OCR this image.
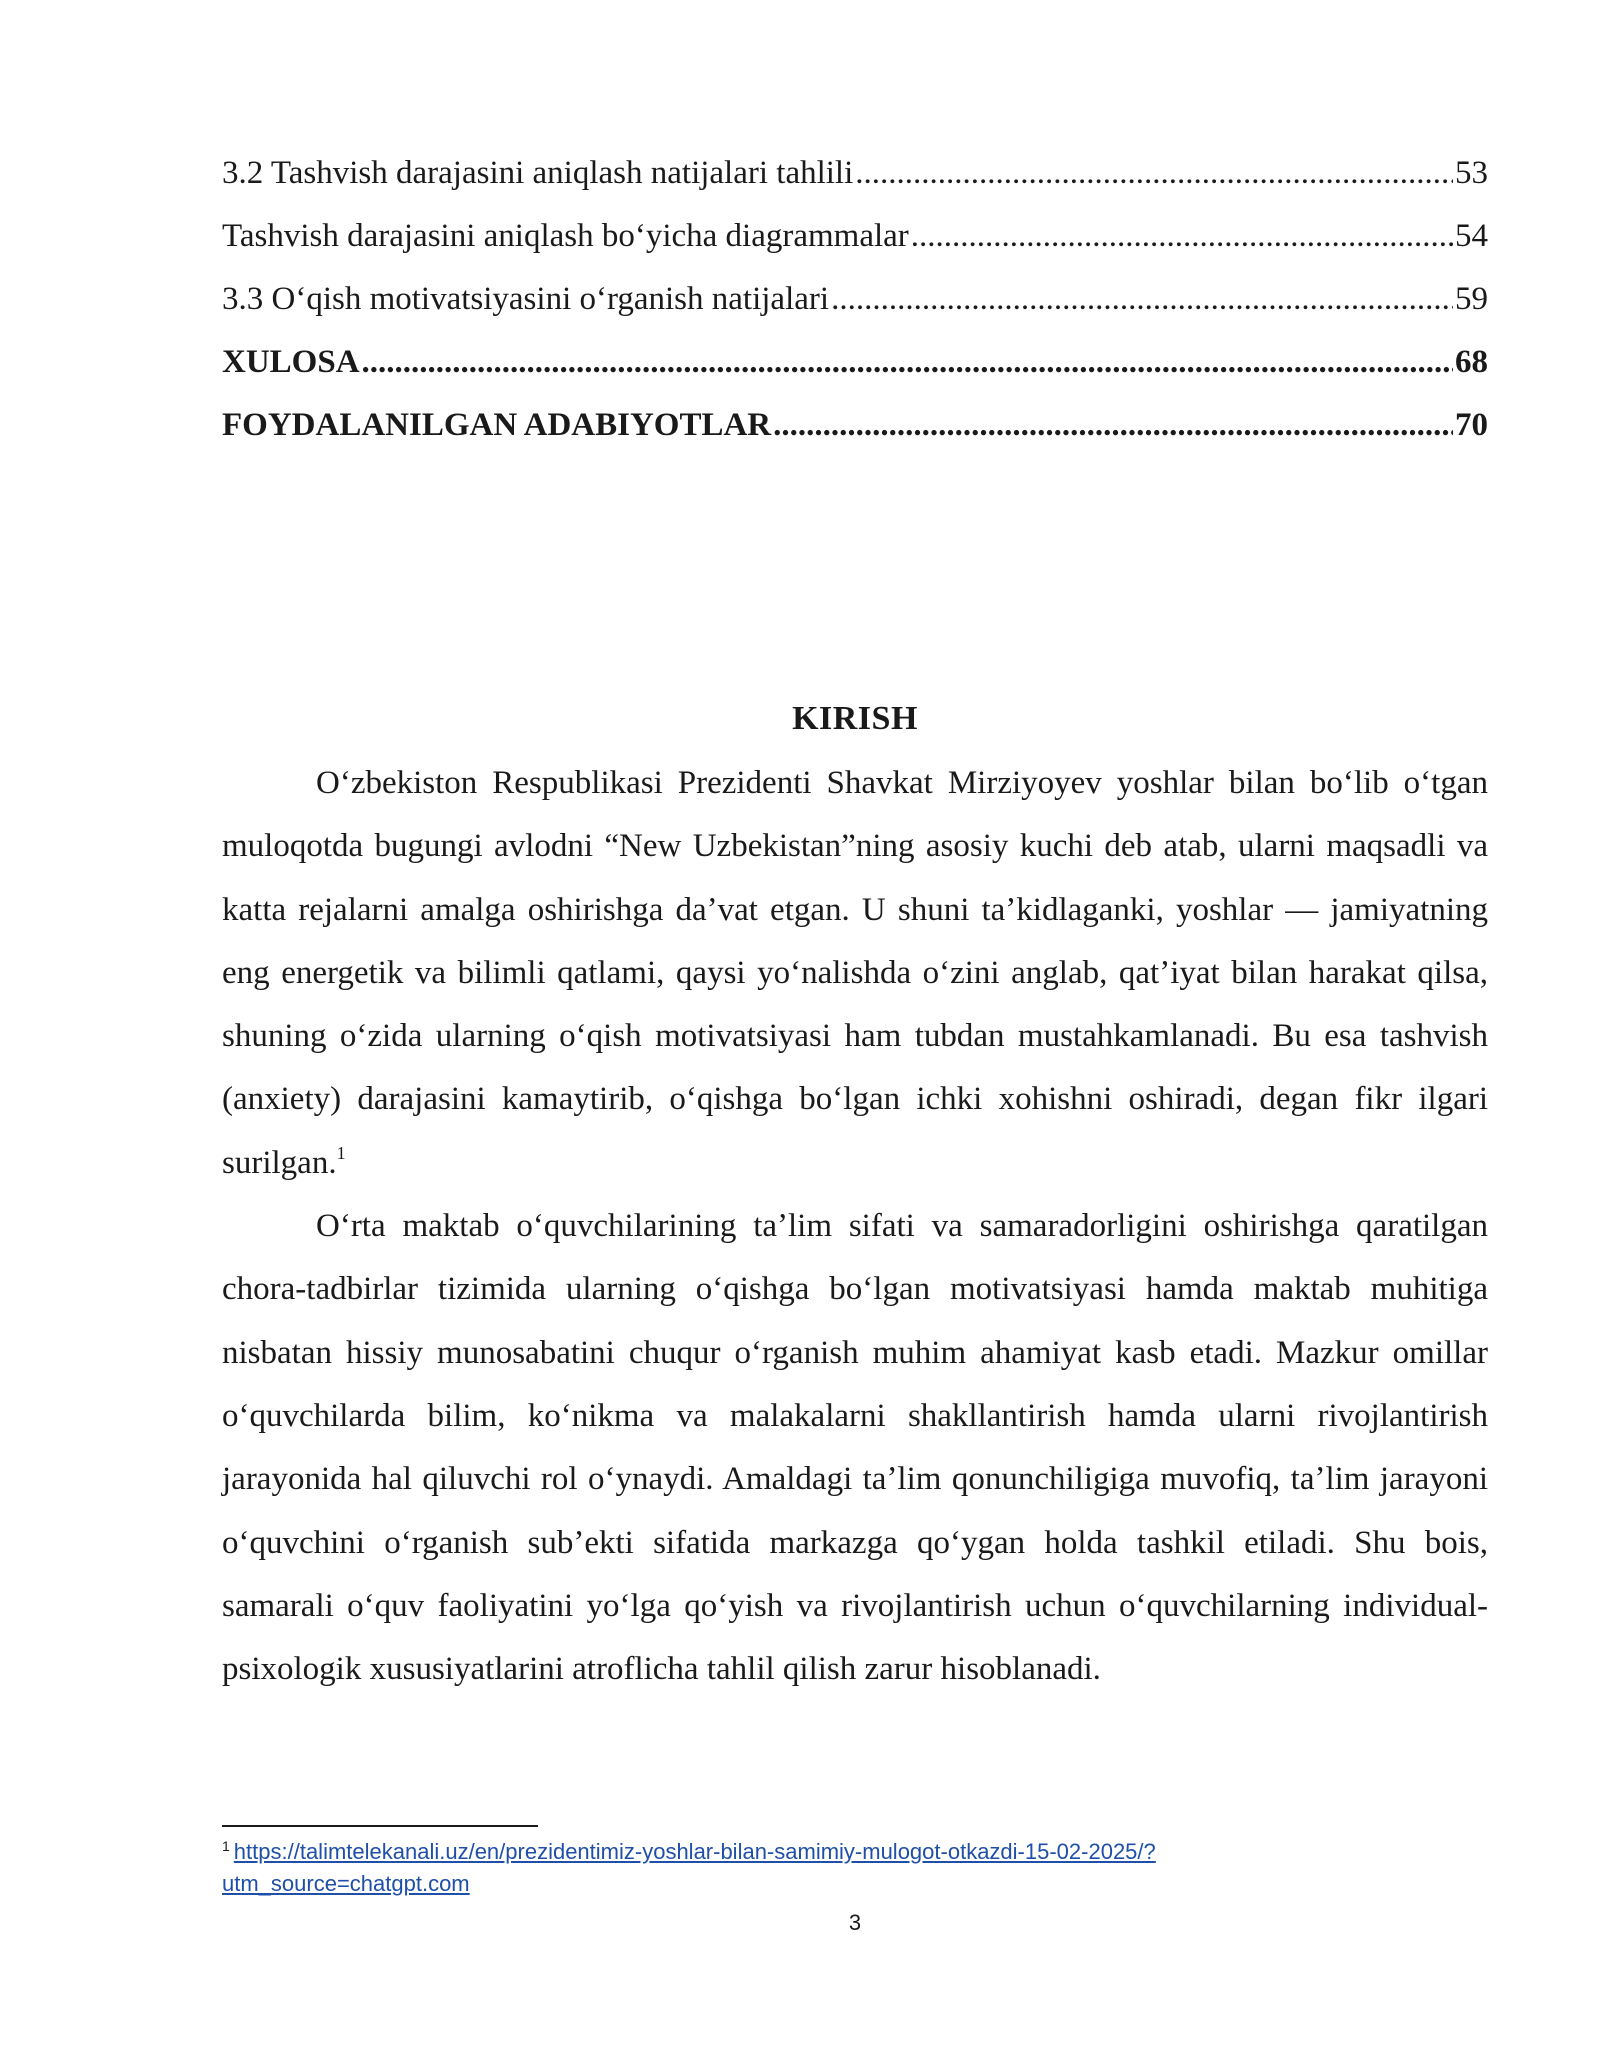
3.2 Tashvish darajasini aniqlash natijalari tahlili .....	53
Tashvish darajasini aniqlash boʻyicha diagrammalar .....	54
3.3 Oʻqish motivatsiyasini oʻrganish natijalari .....	59
XULOSA .....	68
FOYDALANILGAN ADABIYOTLAR .....	70
KIRISH

Oʻzbekiston Respublikasi Prezidenti Shavkat Mirziyoyev yoshlar bilan boʻlib oʻtgan muloqotda bugungi avlodni “New Uzbekistan”ning asosiy kuchi deb atab, ularni maqsadli va katta rejalarni amalga oshirishga daʼvat etgan. U shuni taʼkidlaganki, yoshlar — jamiyatning eng energetik va bilimli qatlami, qaysi yoʻnalishda oʻzini anglab, qatʼiyat bilan harakat qilsa, shuning oʻzida ularning oʻqish motivatsiyasi ham tubdan mustahkamlanadi. Bu esa tashvish (anxiety) darajasini kamaytirib, oʻqishga boʻlgan ichki xohishni oshiradi, degan fikr ilgari surilgan.$^1$

Oʻrta maktab oʻquvchilarining taʼlim sifati va samaradorligini oshirishga qaratilgan chora-tadbirlar tizimida ularning oʻqishga boʻlgan motivatsiyasi hamda maktab muhitiga nisbatan hissiy munosabatini chuqur oʻrganish muhim ahamiyat kasb etadi. Mazkur omillar oʻquvchilarda bilim, koʻnikma va malakalarni shakllantirish hamda ularni rivojlantirish jarayonida hal qiluvchi rol oʻynaydi. Amaldagi taʼlim qonunchiligiga muvofiq, taʼlim jarayoni oʻquvchini oʻrganish subʼekti sifatida markazga qoʻygan holda tashkil etiladi. Shu bois, samarali oʻquv faoliyatini yoʻlga qoʻyish va rivojlantirish uchun oʻquvchilarning individual-psixologik xususiyatlarini atroflicha tahlil qilish zarur hisoblanadi.

$^1$ https://talimtelekanali.uz/en/prezidentimiz-yoshlar-bilan-samimiy-mulogot-otkazdi-15-02-2025/?
utm_source=chatgpt.com
3
